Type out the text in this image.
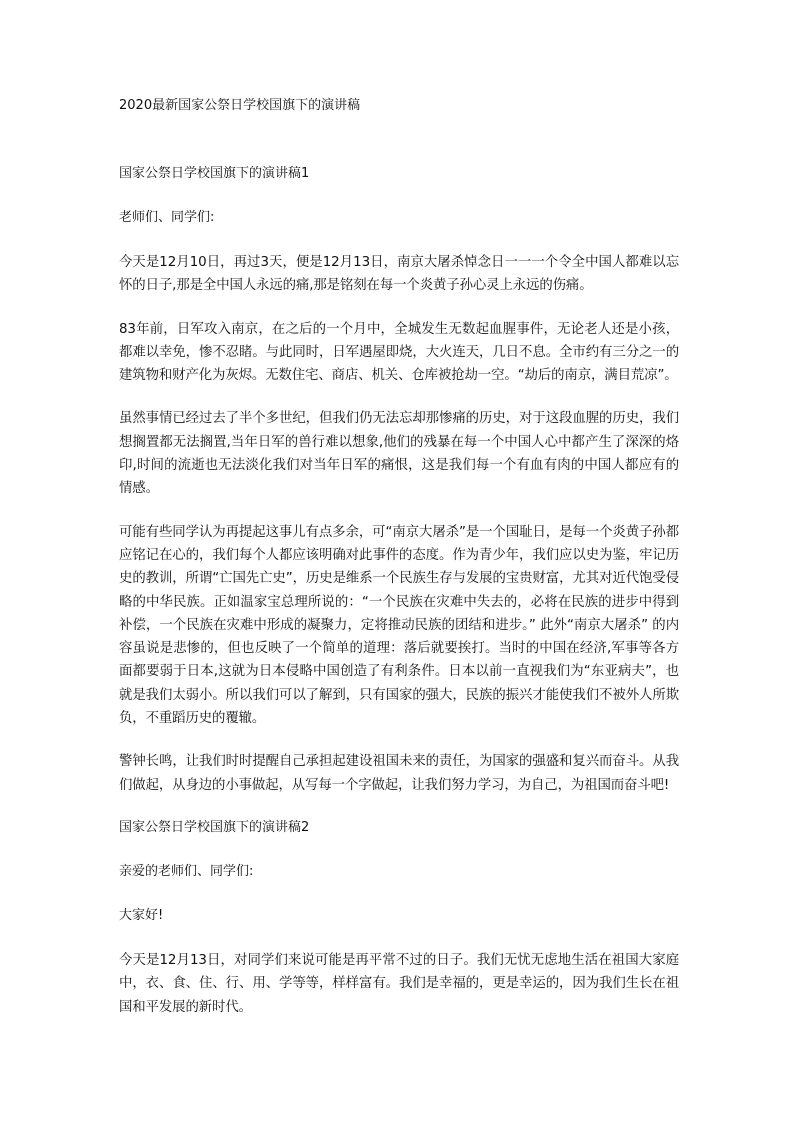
2020最新国家公祭日学校国旗下的演讲稿

国家公祭日学校国旗下的演讲稿1

老师们、同学们:

今天是12月10日，再过3天，便是12月13日，南京大屠杀悼念日一一一个令全中国人都难以忘怀的日子,那是全中国人永远的痛,那是铭刻在每一个炎黄子孙心灵上永远的伤痛。

83年前，日军攻入南京，在之后的一个月中，全城发生无数起血腥事件，无论老人还是小孩，都难以幸免，惨不忍睹。与此同时，日军遇屋即烧，大火连天，几日不息。全市约有三分之一的建筑物和财产化为灰烬。无数住宅、商店、机关、仓库被抢劫一空。“劫后的南京，满目荒凉”。

虽然事情已经过去了半个多世纪，但我们仍无法忘却那惨痛的历史，对于这段血腥的历史，我们想搁置都无法搁置,当年日军的兽行难以想象,他们的残暴在每一个中国人心中都产生了深深的烙印,时间的流逝也无法淡化我们对当年日军的痛恨，这是我们每一个有血有肉的中国人都应有的情感。

可能有些同学认为再提起这事儿有点多余，可“南京大屠杀”是一个国耻日，是每一个炎黄子孙都应铭记在心的，我们每个人都应该明确对此事件的态度。作为青少年，我们应以史为鉴，牢记历史的教训，所谓“亡国先亡史”，历史是维系一个民族生存与发展的宝贵财富，尤其对近代饱受侵略的中华民族。正如温家宝总理所说的：“一个民族在灾难中失去的，必将在民族的进步中得到补偿，一个民族在灾难中形成的凝聚力，定将推动民族的团结和进步。” 此外“南京大屠杀” 的内容虽说是悲惨的，但也反映了一个简单的道理：落后就要挨打。当时的中国在经济,军事等各方面都要弱于日本,这就为日本侵略中国创造了有利条件。日本以前一直视我们为“东亚病夫”，也就是我们太弱小。所以我们可以了解到，只有国家的强大，民族的振兴才能使我们不被外人所欺负，不重蹈历史的覆辙。

警钟长鸣，让我们时时提醒自己承担起建设祖国未来的责任，为国家的强盛和复兴而奋斗。从我们做起，从身边的小事做起，从写每一个字做起，让我们努力学习，为自己，为祖国而奋斗吧!

国家公祭日学校国旗下的演讲稿2

亲爱的老师们、同学们:

大家好!

今天是12月13日，对同学们来说可能是再平常不过的日子。我们无忧无虑地生活在祖国大家庭中，衣、食、住、行、用、学等等，样样富有。我们是幸福的，更是幸运的，因为我们生长在祖国和平发展的新时代。
